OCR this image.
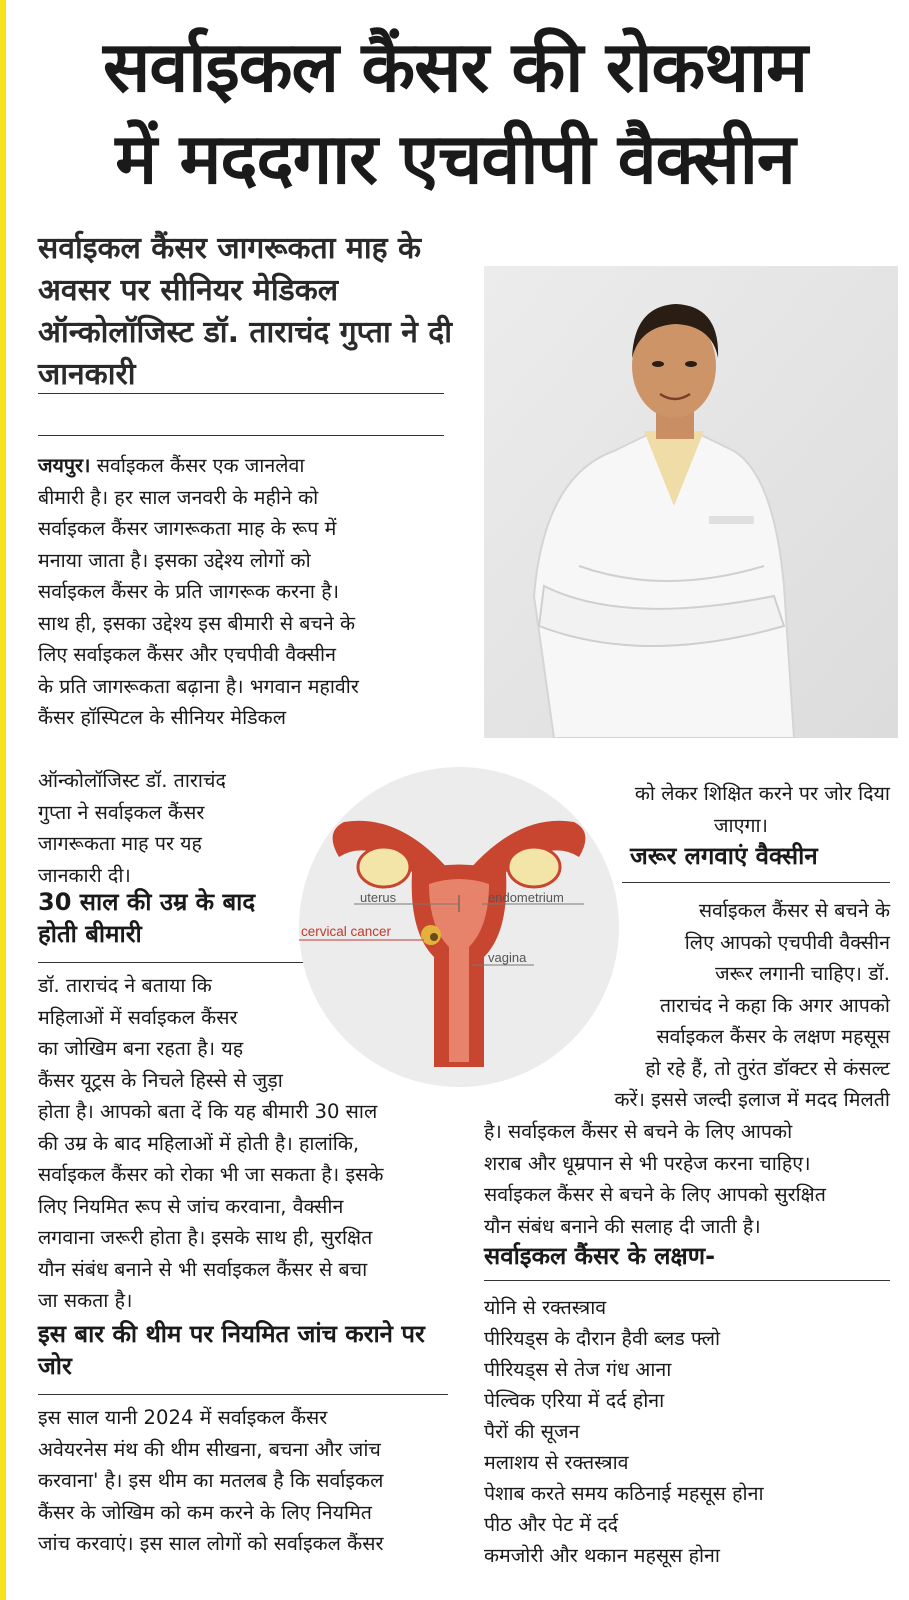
सर्वाइकल कैंसर की रोकथाम
में मददगार एचवीपी वैक्सीन
सर्वाइकल कैंसर जागरूकता माह के अवसर पर सीनियर मेडिकल ऑन्कोलॉजिस्ट डॉ. ताराचंद गुप्ता ने दी जानकारी
जयपुर। सर्वाइकल कैंसर एक जानलेवा
बीमारी है। हर साल जनवरी के महीने को
सर्वाइकल कैंसर जागरूकता माह के रूप में
मनाया जाता है। इसका उद्देश्य लोगों को
सर्वाइकल कैंसर के प्रति जागरूक करना है।
साथ ही, इसका उद्देश्य इस बीमारी से बचने के
लिए सर्वाइकल कैंसर और एचपीवी वैक्सीन
के प्रति जागरूकता बढ़ाना है। भगवान महावीर
कैंसर हॉस्पिटल के सीनियर मेडिकल
ऑन्कोलॉजिस्ट डॉ. ताराचंद
गुप्ता ने सर्वाइकल कैंसर
जागरूकता माह पर यह
जानकारी दी।
30 साल की उम्र के बाद
होती बीमारी
डॉ. ताराचंद ने बताया कि
महिलाओं में सर्वाइकल कैंसर
का जोखिम बना रहता है। यह
कैंसर यूट्रस के निचले हिस्से से जुड़ा
होता है। आपको बता दें कि यह बीमारी 30 साल
की उम्र के बाद महिलाओं में होती है। हालांकि,
सर्वाइकल कैंसर को रोका भी जा सकता है। इसके
लिए नियमित रूप से जांच करवाना, वैक्सीन
लगवाना जरूरी होता है। इसके साथ ही, सुरक्षित
यौन संबंध बनाने से भी सर्वाइकल कैंसर से बचा
जा सकता है।
इस बार की थीम पर नियमित जांच कराने पर
जोर
इस साल यानी 2024 में सर्वाइकल कैंसर
अवेयरनेस मंथ की थीम सीखना, बचना और जांच
करवाना' है। इस थीम का मतलब है कि सर्वाइकल
कैंसर के जोखिम को कम करने के लिए नियमित
जांच करवाएं। इस साल लोगों को सर्वाइकल कैंसर
uterus	endometrium
cervical cancer
vagina
को लेकर शिक्षित करने पर जोर दिया
जाएगा।
जरूर लगवाएं वैक्सीन
सर्वाइकल कैंसर से बचने के
लिए आपको एचपीवी वैक्सीन
जरूर लगानी चाहिए। डॉ.
ताराचंद ने कहा कि अगर आपको
सर्वाइकल कैंसर के लक्षण महसूस
हो रहे हैं, तो तुरंत डॉक्टर से कंसल्ट
करें। इससे जल्दी इलाज में मदद मिलती
है। सर्वाइकल कैंसर से बचने के लिए आपको
शराब और धूम्रपान से भी परहेज करना चाहिए।
सर्वाइकल कैंसर से बचने के लिए आपको सुरक्षित
यौन संबंध बनाने की सलाह दी जाती है।
सर्वाइकल कैंसर के लक्षण-
योनि से रक्तस्त्राव
पीरियड्स के दौरान हैवी ब्लड फ्लो
पीरियड्स से तेज गंध आना
पेल्विक एरिया में दर्द होना
पैरों की सूजन
मलाशय से रक्तस्त्राव
पेशाब करते समय कठिनाई महसूस होना
पीठ और पेट में दर्द
कमजोरी और थकान महसूस होना
